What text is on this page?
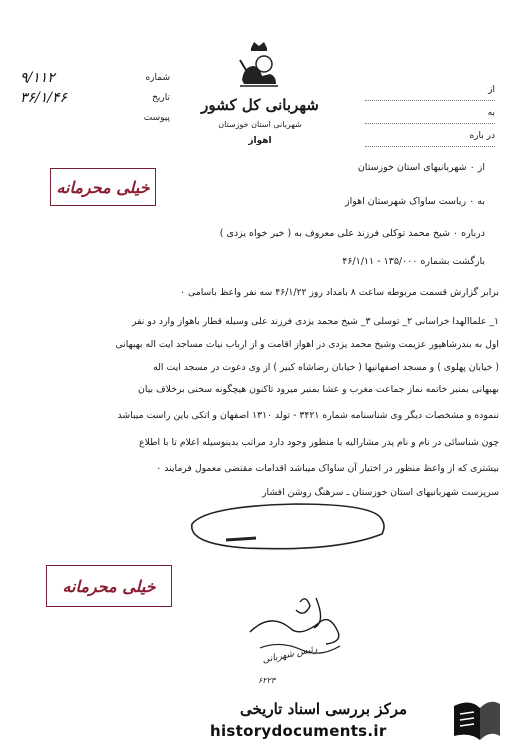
شماره
۹/۱۱۲
تاریخ
۳۶/۱/۴۶
پیوست
شهربانی کل کشور
شهربانی استان خوزستان
اهواز
از
به
در باره
خیلی محرمانه
خیلی محرمانه
از ۰ شهربانیهای استان خوزستان
به ۰ ریاست ساواک شهرستان اهواز
درباره ۰ شیخ محمد توکلی فرزند علی معروف به ( خیر خواه یزدی )
بازگشت بشماره ۱۳۵/۰۰۰ - ۴۶/۱/۱۱
برابر گزارش قسمت مربوطه ساعت ۸ بامداد روز ۴۶/۱/۲۲ سه نفر واعظ باسامی ۰
۱_ علماالهدا خراسانی ۲_ توسلی ۳_ شیخ محمد یزدی فرزند علی وسیله قطار باهواز وارد دو نفر
اول به بندرشاهپور عزیمت وشیخ محمد یزدی در اهواز اقامت و از ارباب نیات مساجد ایت اله بهبهانی
( خیابان پهلوی ) و مسجد اصفهانیها ( خیابان رضاشاه کبیر ) از وی دعوت در مسجد ایت اله
بهبهانی بمنبر خاتمه نماز جماعت مغرب و عشا بمنبر میرود تاکنون هیچگونه سخنی برخلاف بیان
ننموده و مشخصات دیگر وی شناسنامه شماره ۳۴۲۱ - تولد ۱۳۱۰ اصفهان و اتکی باین راست میباشد
چون شناسائی در نام و نام پدر مشارالیه با منظور وجود دارد مراتب بدینوسیله اعلام تا با اطلاع
بیشتری که از واعظ منظور در اختیار آن ساواک میباشد اقدامات مقتضی معمول فرمایند ۰
سرپرست شهربانیهای استان خوزستان ـ سرهنگ روشن افشار
رئیس شهربانی
۶۲۲۳
مرکز بررسی اسناد تاریخی
historydocuments.ir
